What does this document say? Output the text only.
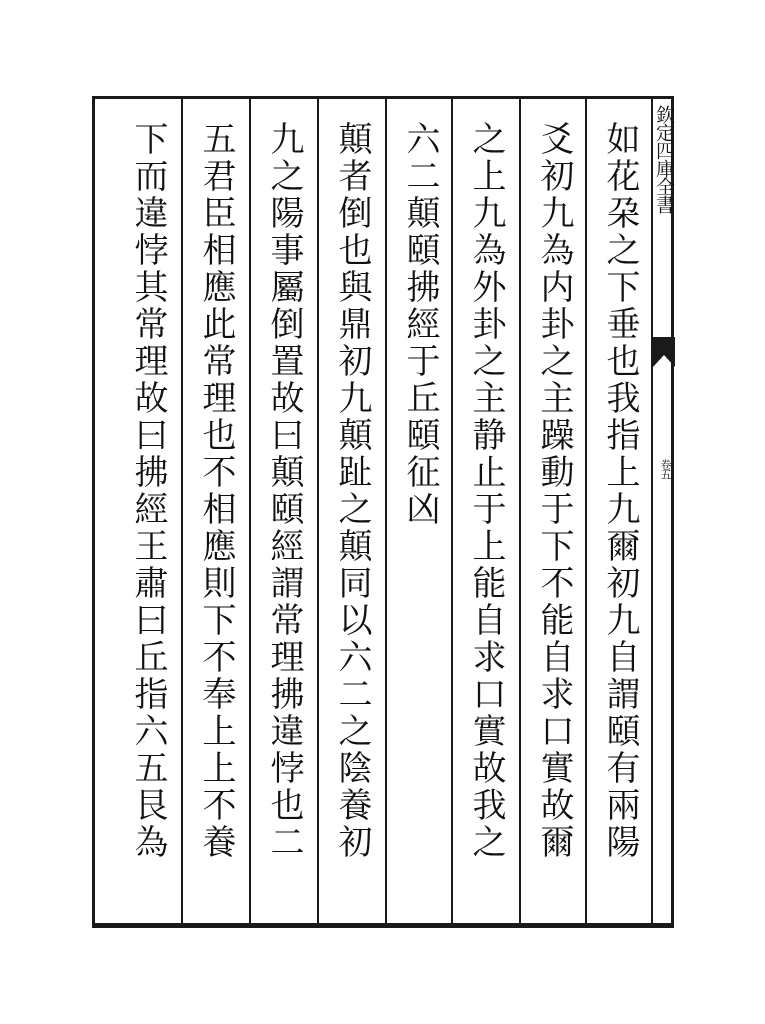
如花朶之下垂也我指上九爾初九自謂頤有兩陽
爻初九為内卦之主躁動于下不能自求口實故爾
之上九為外卦之主静止于上能自求口實故我之
六二顛頤拂經于丘頤征凶
顛者倒也與鼎初九顛趾之顛同以六二之陰養初
九之陽事屬倒置故曰顛頤經謂常理拂違悖也二
五君臣相應此常理也不相應則下不奉上上不養
下而違悖其常理故曰拂經王肅曰丘指六五艮為	欽定四庫全書
卷五
